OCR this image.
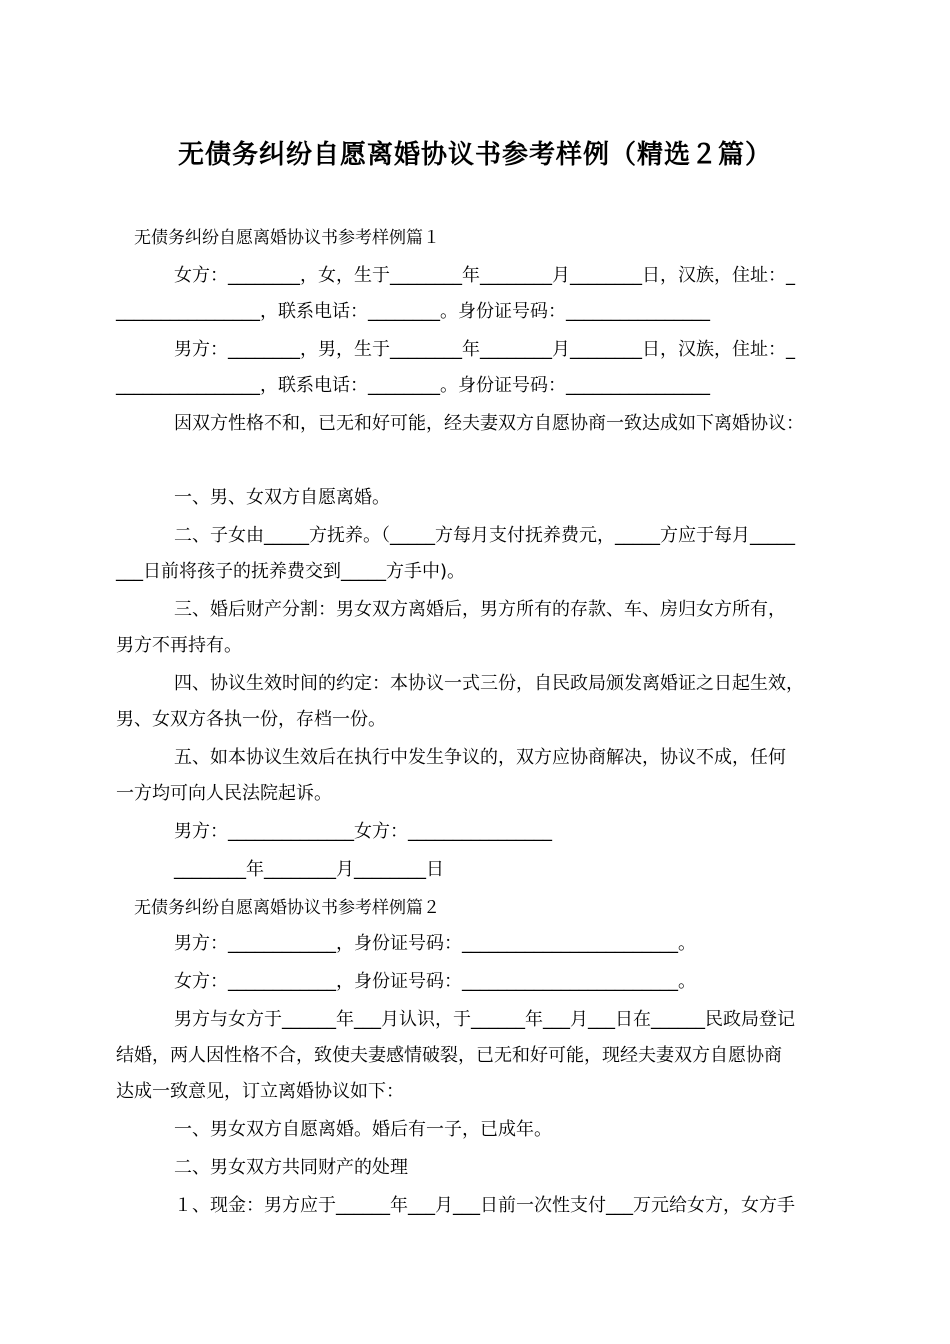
无债务纠纷自愿离婚协议书参考样例（精选２篇）
无债务纠纷自愿离婚协议书参考样例篇１
女方：________，女，生于________年________月________日，汉族，住址：_
________________，联系电话：________。身份证号码：________________
男方：________，男，生于________年________月________日，汉族，住址：_
________________，联系电话：________。身份证号码：________________
因双方性格不和，已无和好可能，经夫妻双方自愿协商一致达成如下离婚协议：
一、男、女双方自愿离婚。
二、子女由_____方抚养。（_____方每月支付抚养费元，_____方应于每月_____
___日前将孩子的抚养费交到_____方手中)。
三、婚后财产分割：男女双方离婚后，男方所有的存款、车、房归女方所有，
男方不再持有。
四、协议生效时间的约定：本协议一式三份，自民政局颁发离婚证之日起生效，
男、女双方各执一份，存档一份。
五、如本协议生效后在执行中发生争议的，双方应协商解决，协议不成，任何
一方均可向人民法院起诉。
男方：______________女方：________________
________年________月________日
无债务纠纷自愿离婚协议书参考样例篇２
男方：____________，身份证号码：________________________。
女方：____________，身份证号码：________________________。
男方与女方于______年___月认识，于______年___月___日在______民政局登记
结婚，两人因性格不合，致使夫妻感情破裂，已无和好可能，现经夫妻双方自愿协商
达成一致意见，订立离婚协议如下：
一、男女双方自愿离婚。婚后有一子，已成年。
二、男女双方共同财产的处理
１、现金：男方应于______年___月___日前一次性支付___万元给女方，女方手
